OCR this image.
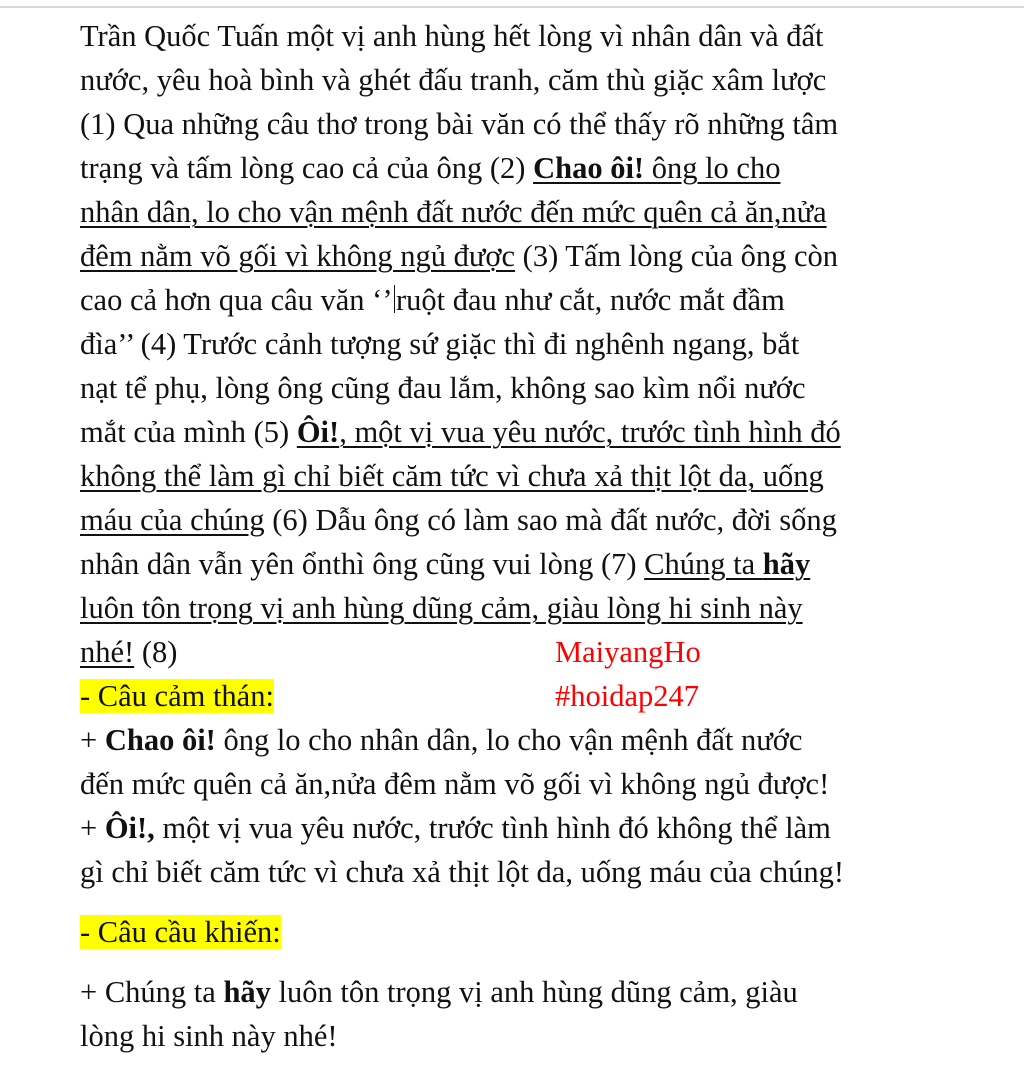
Trần Quốc Tuấn một vị anh hùng hết lòng vì nhân dân và đất

nước, yêu hoà bình và ghét đấu tranh, căm thù giặc xâm lược

(1) Qua những câu thơ trong bài văn có thể thấy rõ những tâm

trạng và tấm lòng cao cả của ông (2) Chao ôi! ông lo cho

nhân dân, lo cho vận mệnh đất nước đến mức quên cả ăn,nửa

đêm nằm võ gối vì không ngủ được (3) Tấm lòng của ông còn

cao cả hơn qua câu văn ‘’ ruột đau như cắt, nước mắt đầm

đìa’’ (4) Trước cảnh tượng sứ giặc thì đi nghênh ngang, bắt

nạt tể phụ, lòng ông cũng đau lắm, không sao kìm nổi nước

mắt của mình (5) Ôi!, một vị vua yêu nước, trước tình hình đó

không thể làm gì chỉ biết căm tức vì chưa xả thịt lột da, uống

máu của chúng (6) Dẫu ông có làm sao mà đất nước, đời sống

nhân dân vẫn yên ổnthì ông cũng vui lòng (7) Chúng ta hãy

luôn tôn trọng vị anh hùng dũng cảm, giàu lòng hi sinh này

nhé! (8)	MaiyangHo

- Câu cảm thán:	#hoidap247

+ Chao ôi! ông lo cho nhân dân, lo cho vận mệnh đất nước

đến mức quên cả ăn,nửa đêm nằm võ gối vì không ngủ được!

+ Ôi!, một vị vua yêu nước, trước tình hình đó không thể làm

gì chỉ biết căm tức vì chưa xả thịt lột da, uống máu của chúng!

- Câu cầu khiến:

+ Chúng ta hãy luôn tôn trọng vị anh hùng dũng cảm, giàu

lòng hi sinh này nhé!
